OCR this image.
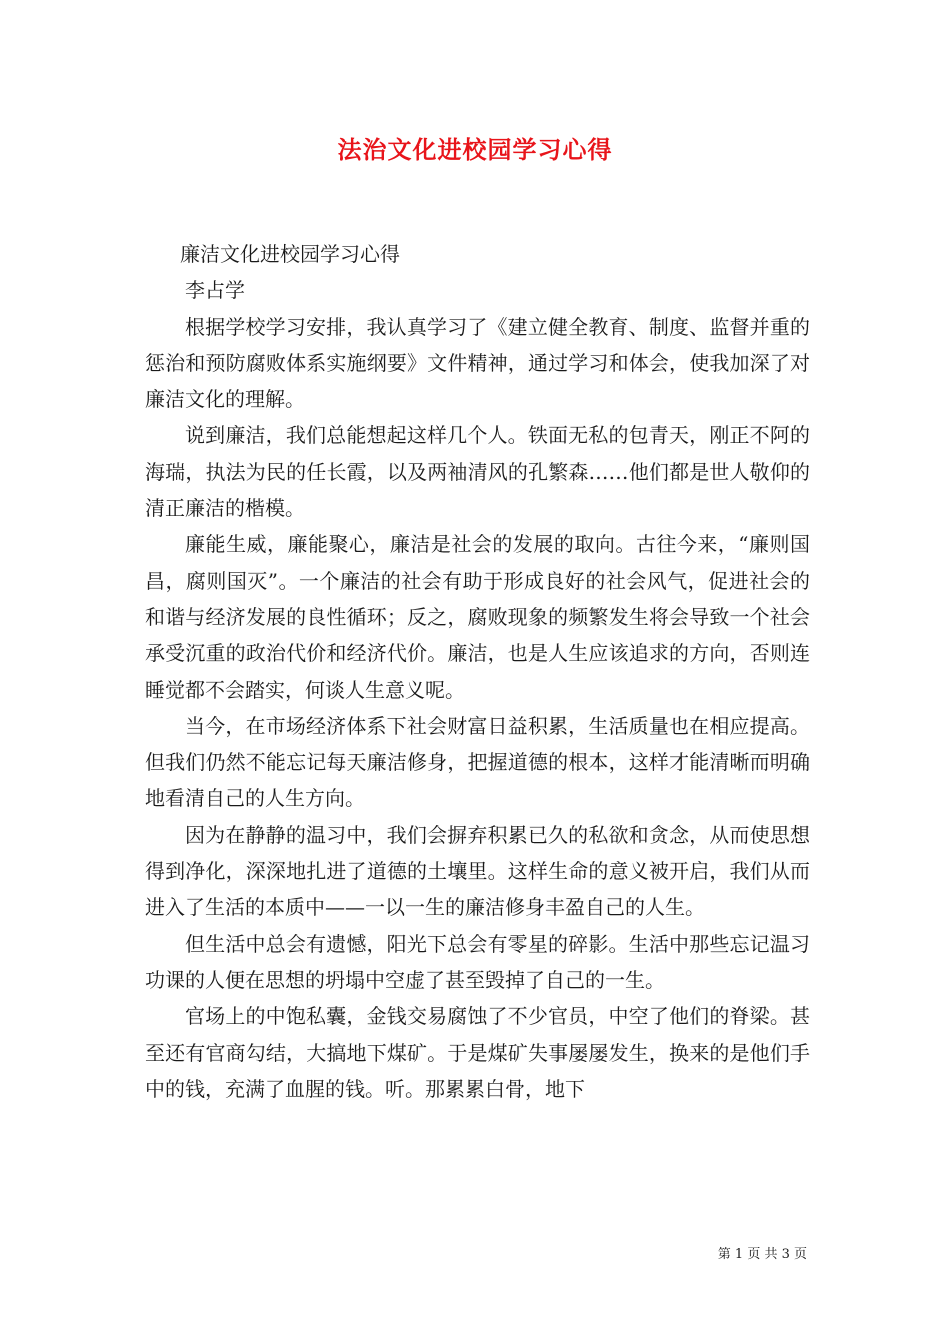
法治文化进校园学习心得

廉洁文化进校园学习心得

李占学

根据学校学习安排，我认真学习了《建立健全教育、制度、监督并重的惩治和预防腐败体系实施纲要》文件精神，通过学习和体会，使我加深了对廉洁文化的理解。

说到廉洁，我们总能想起这样几个人。铁面无私的包青天，刚正不阿的海瑞，执法为民的任长霞，以及两袖清风的孔繁森……他们都是世人敬仰的清正廉洁的楷模。

廉能生威，廉能聚心，廉洁是社会的发展的取向。古往今来，“廉则国昌，腐则国灭”。一个廉洁的社会有助于形成良好的社会风气，促进社会的和谐与经济发展的良性循环；反之，腐败现象的频繁发生将会导致一个社会承受沉重的政治代价和经济代价。廉洁，也是人生应该追求的方向，否则连睡觉都不会踏实，何谈人生意义呢。

当今，在市场经济体系下社会财富日益积累，生活质量也在相应提高。但我们仍然不能忘记每天廉洁修身，把握道德的根本，这样才能清晰而明确地看清自己的人生方向。

因为在静静的温习中，我们会摒弃积累已久的私欲和贪念，从而使思想得到净化，深深地扎进了道德的土壤里。这样生命的意义被开启，我们从而进入了生活的本质中——一以一生的廉洁修身丰盈自己的人生。

但生活中总会有遗憾，阳光下总会有零星的碎影。生活中那些忘记温习功课的人便在思想的坍塌中空虚了甚至毁掉了自己的一生。

官场上的中饱私囊，金钱交易腐蚀了不少官员，中空了他们的脊梁。甚至还有官商勾结，大搞地下煤矿。于是煤矿失事屡屡发生，换来的是他们手中的钱，充满了血腥的钱。听。那累累白骨，地下

第 1 页 共 3 页
